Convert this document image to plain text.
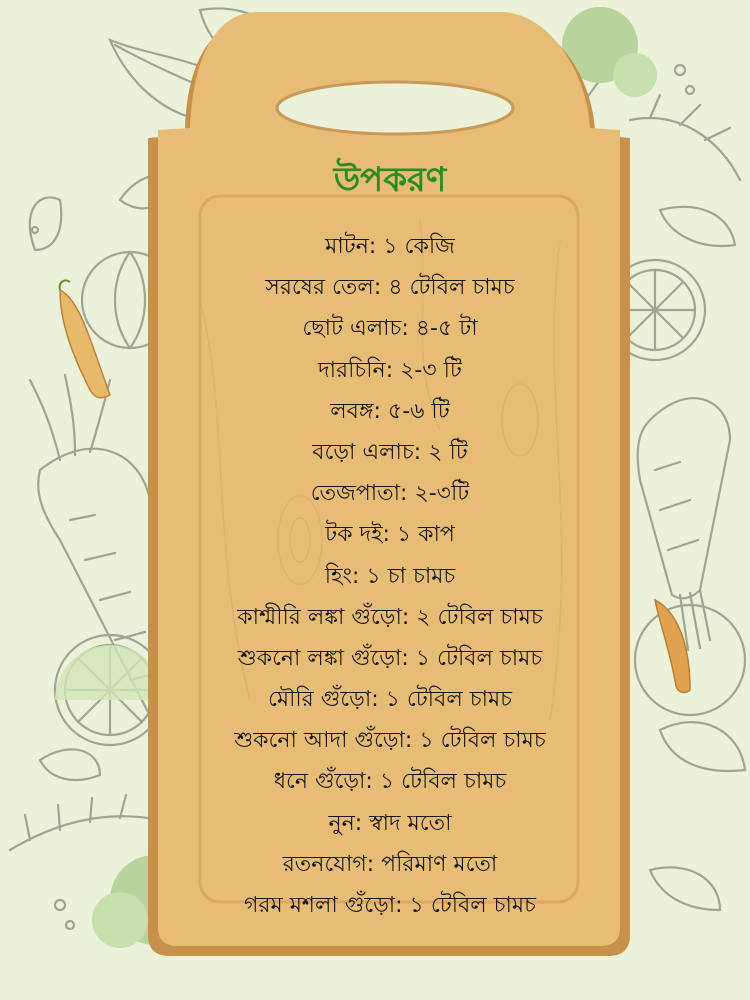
উপকরণ
মাটন: ১ কেজি
সরষের তেল: ৪ টেবিল চামচ
ছোট এলাচ: ৪-৫ টা
দারচিনি: ২-৩ টি
লবঙ্গ: ৫-৬ টি
বড়ো এলাচ: ২ টি
তেজপাতা: ২-৩টি
টক দই: ১ কাপ
হিং: ১ চা চামচ
কাশ্মীরি লঙ্কা গুঁড়ো: ২ টেবিল চামচ
শুকনো লঙ্কা গুঁড়ো: ১ টেবিল চামচ
মৌরি গুঁড়ো: ১ টেবিল চামচ
শুকনো আদা গুঁড়ো: ১ টেবিল চামচ
ধনে গুঁড়ো: ১ টেবিল চামচ
নুন: স্বাদ মতো
রতনযোগ: পরিমাণ মতো
গরম মশলা গুঁড়ো: ১ টেবিল চামচ
